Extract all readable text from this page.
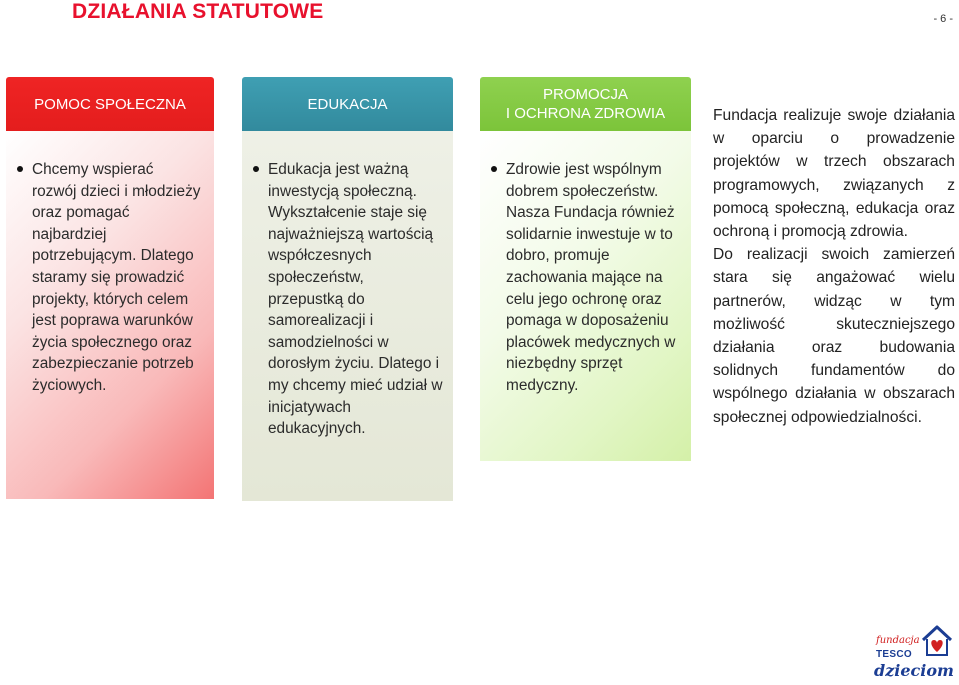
DZIAŁANIA STATUTOWE	- 6 -
POMOC SPOŁECZNA
Chcemy wspierać rozwój dzieci i młodzieży oraz pomagać najbardziej potrzebującym. Dlatego staramy się prowadzić projekty, których celem jest poprawa warunków życia społecznego oraz zabezpieczanie potrzeb życiowych.
EDUKACJA
Edukacja jest ważną inwestycją społeczną. Wykształcenie staje się najważniejszą wartością współczesnych społeczeństw, przepustką do samorealizacji i samodzielności w dorosłym życiu. Dlatego i my chcemy mieć udział w inicjatywach edukacyjnych.
PROMOCJA
I OCHRONA ZDROWIA
Zdrowie jest wspólnym dobrem społeczeństw. Nasza Fundacja również solidarnie inwestuje w to dobro, promuje zachowania mające na celu jego ochronę oraz pomaga w doposażeniu placówek medycznych w niezbędny sprzęt medyczny.

Fundacja realizuje swoje działania w oparciu o prowadzenie projektów w trzech obszarach programowych, związanych z pomocą społeczną, edukacja oraz ochroną i promocją zdrowia.

Do realizacji swoich zamierzeń stara się angażować wielu partnerów, widząc w tym możliwość skuteczniejszego działania oraz budowania solidnych fundamentów do wspólnego działania w obszarach społecznej odpowiedzialności.

fundacja
TESCO
dzieciom
